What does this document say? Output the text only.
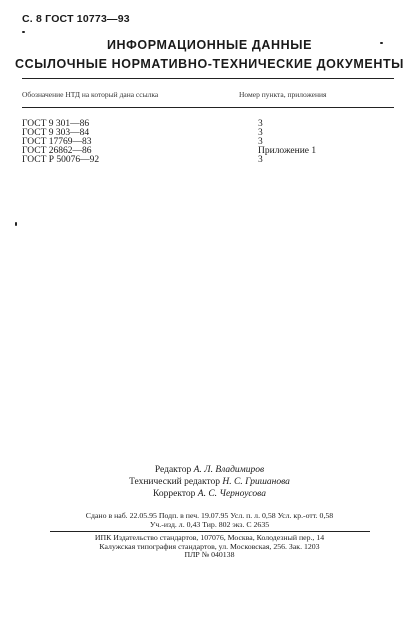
С. 8 ГОСТ 10773—93
ИНФОРМАЦИОННЫЕ ДАННЫЕ
ССЫЛОЧНЫЕ НОРМАТИВНО-ТЕХНИЧЕСКИЕ ДОКУМЕНТЫ
Обозначение НТД на который дана ссылка	Номер пункта, приложения
ГОСТ 9 301—86	3
ГОСТ 9 303—84	3
ГОСТ 17769—83	3
ГОСТ 26862—86	Приложение 1
ГОСТ Р 50076—92	3
Редактор А. Л. Владимиров
Технический редактор Н. С. Гришанова
Корректор А. С. Черноусова
Сдано в наб. 22.05.95 Подп. в печ. 19.07.95 Усл. п. л. 0,58 Усл. кр.-отт. 0,58
Уч.-изд. л. 0,43 Тир. 802 экз. С 2635
ИПК Издательство стандартов, 107076, Москва, Колодезный пер., 14
Калужская типография стандартов, ул. Московская, 256. Зак. 1203
ПЛР № 040138
